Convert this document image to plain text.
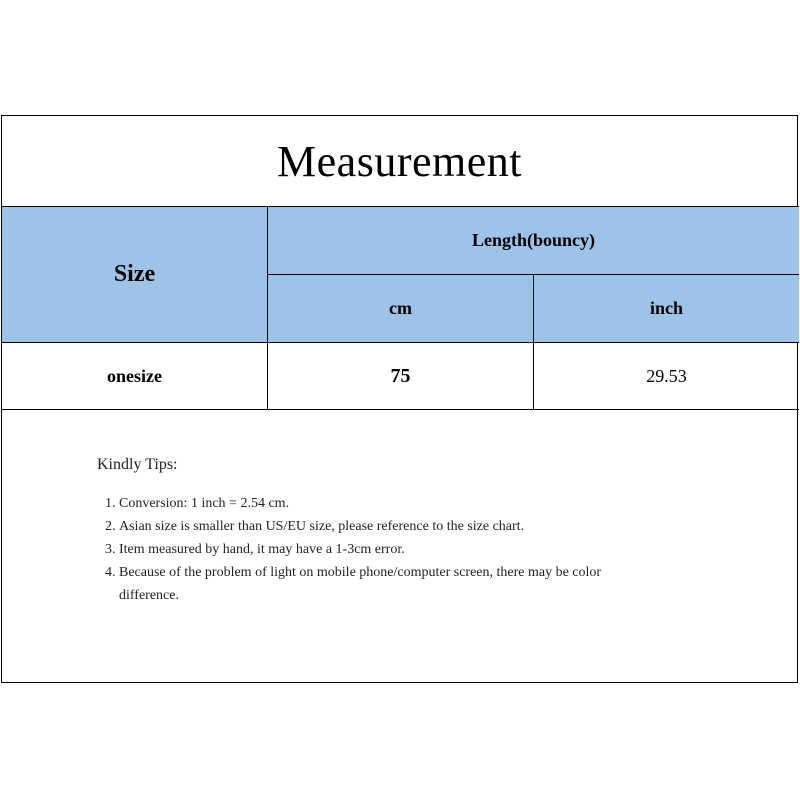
Measurement
Size
Length(bouncy)
cm	inch
onesize	75	29.53
Kindly Tips:
1. Conversion: 1 inch = 2.54 cm.
2. Asian size is smaller than US/EU size, please reference to the size chart.
3. Item measured by hand, it may have a 1-3cm error.
4. Because of the problem of light on mobile phone/computer screen, there may be color difference.
